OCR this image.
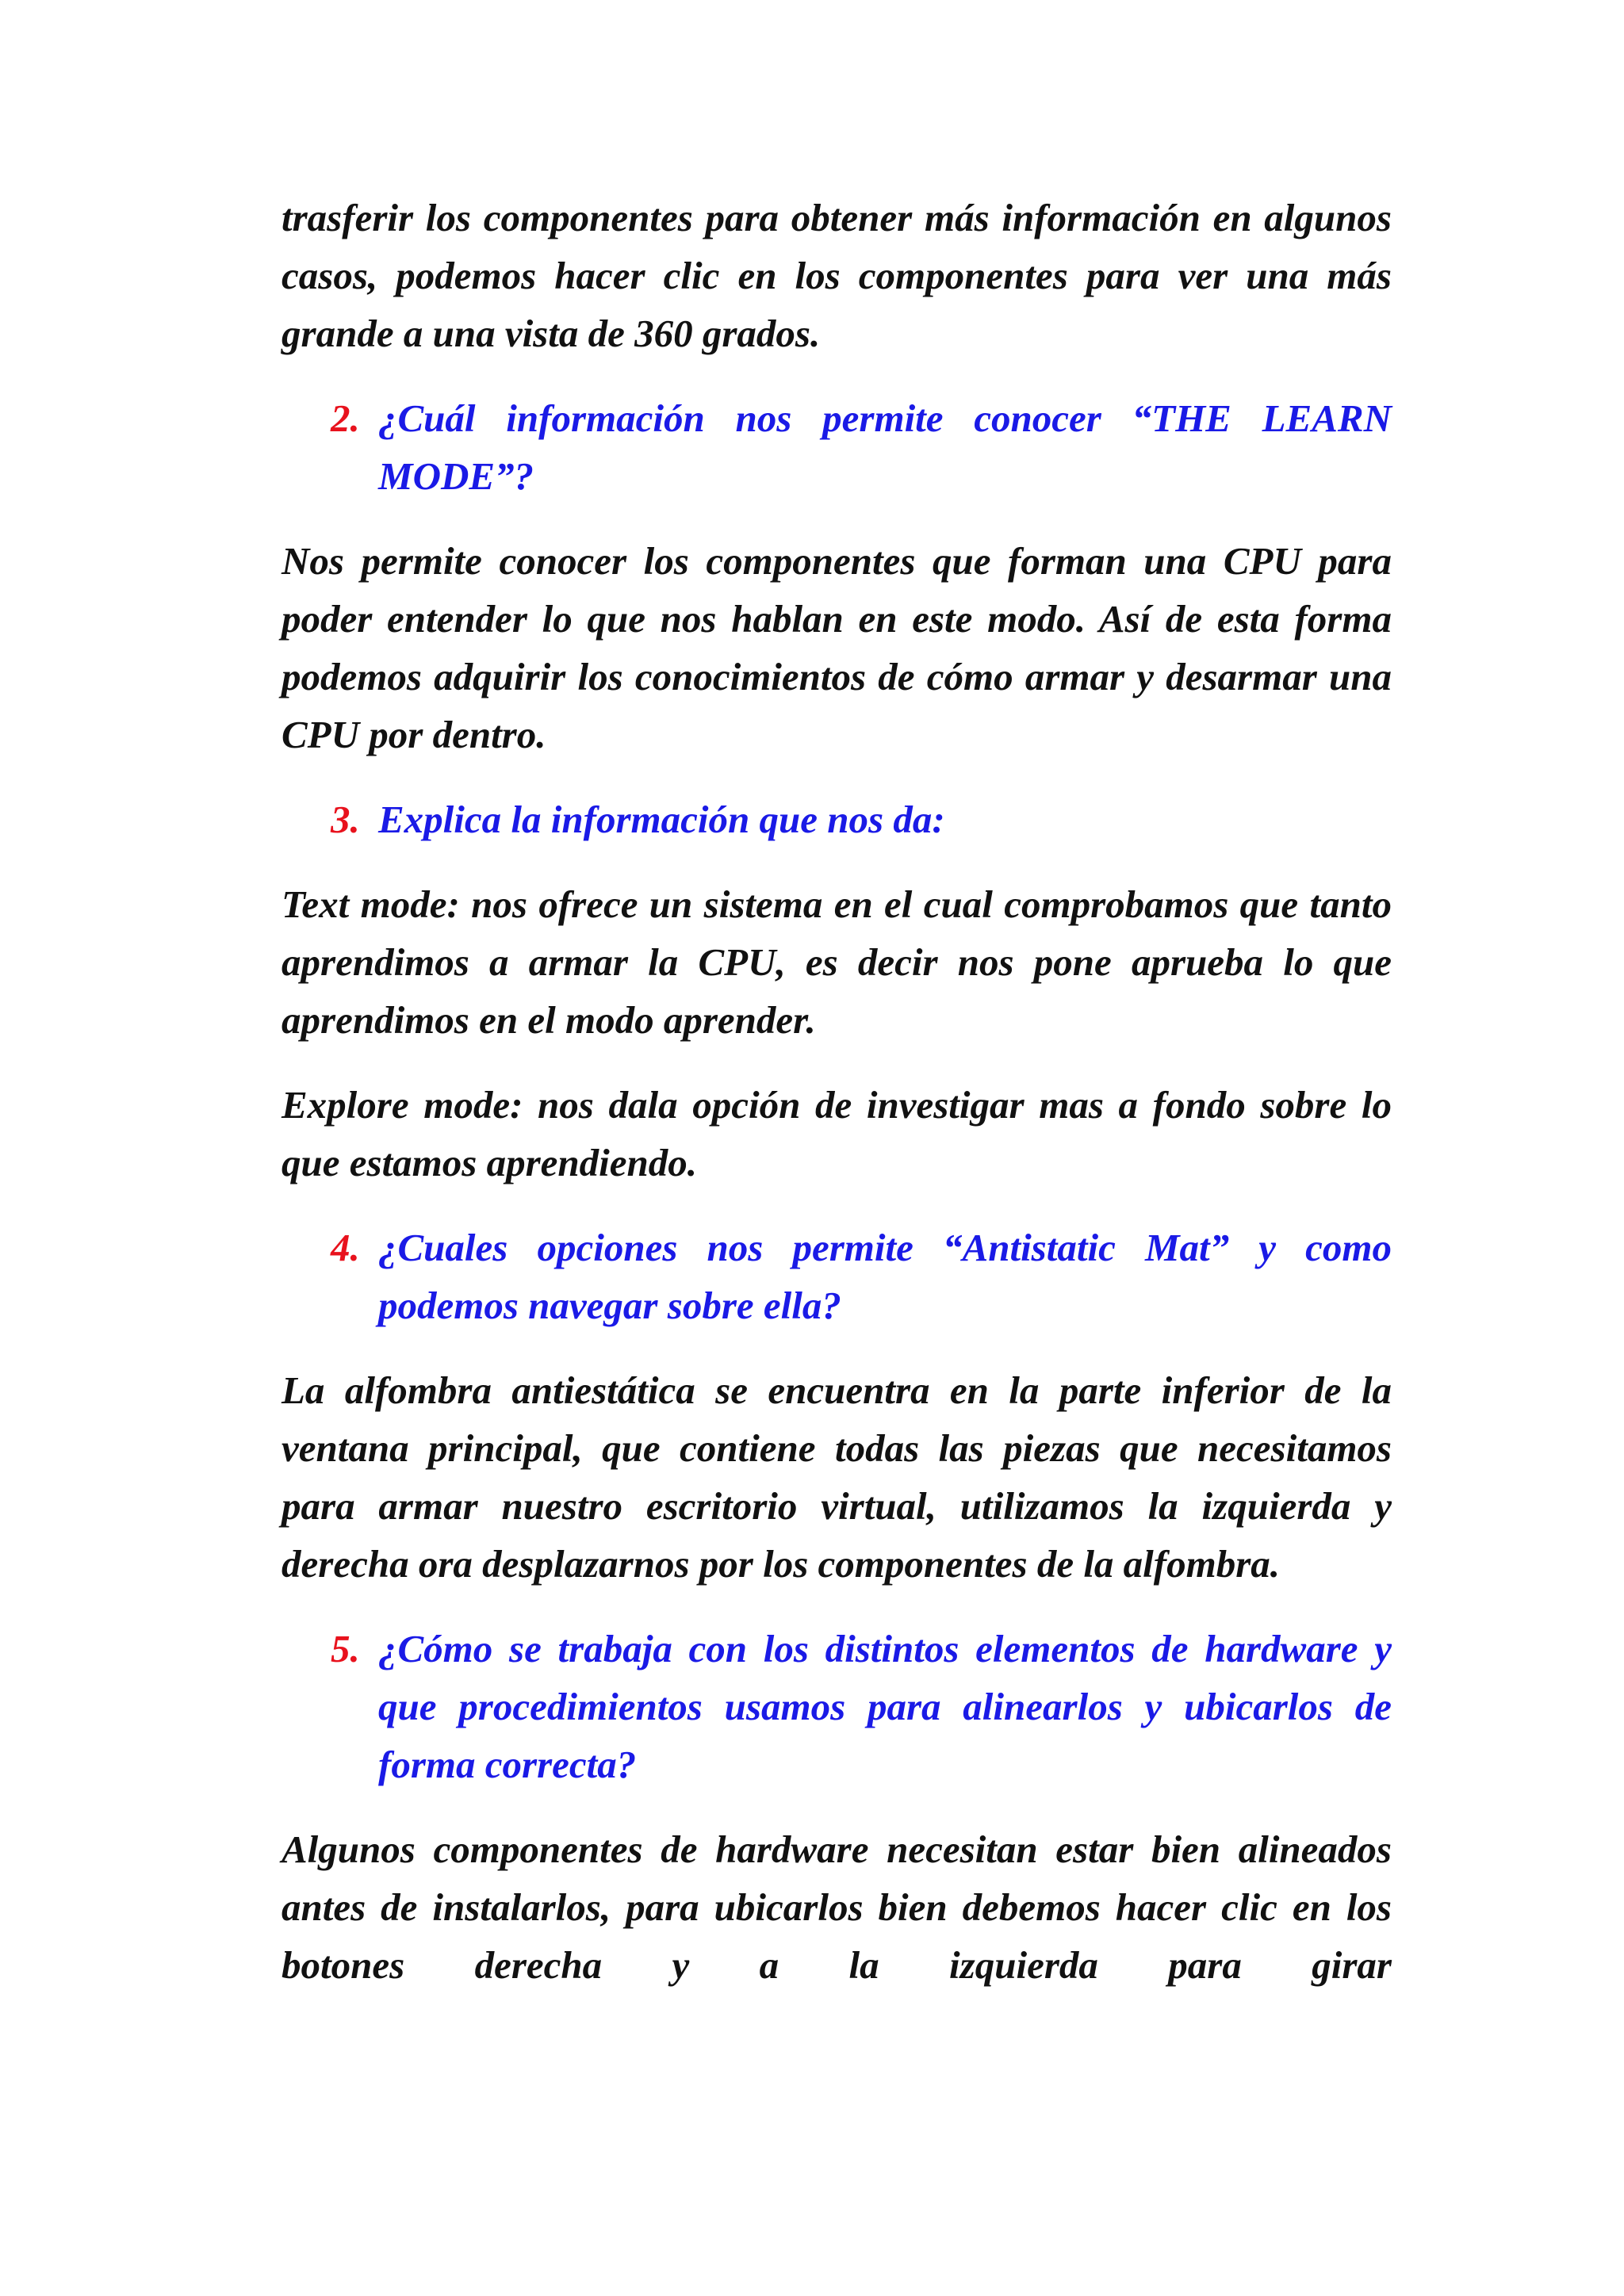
trasferir los componentes para obtener más información en algunos casos, podemos hacer clic en los componentes para ver una más grande a una vista de 360 grados.

2. ¿Cuál información nos permite conocer “THE LEARN MODE”?

Nos permite conocer los componentes que forman una CPU para poder entender lo que nos hablan en este modo. Así de esta forma podemos adquirir los conocimientos de cómo armar y desarmar una CPU por dentro.

3. Explica la información que nos da:

Text mode: nos ofrece un sistema en el cual comprobamos que tanto aprendimos a armar la CPU, es decir nos pone aprueba lo que aprendimos en el modo aprender.

Explore mode: nos dala opción de investigar mas a fondo sobre lo que estamos aprendiendo.

4. ¿Cuales opciones nos permite “Antistatic Mat” y como podemos navegar sobre ella?

La alfombra antiestática se encuentra en la parte inferior de la ventana principal, que contiene todas las piezas que necesitamos para armar nuestro escritorio virtual, utilizamos la izquierda y derecha ora desplazarnos por los componentes de la alfombra.

5. ¿Cómo se trabaja con los distintos elementos de hardware y que procedimientos usamos para alinearlos y ubicarlos de forma correcta?

Algunos componentes de hardware necesitan estar bien alineados antes de instalarlos, para ubicarlos bien debemos hacer clic en los botones derecha y a la izquierda para girar
